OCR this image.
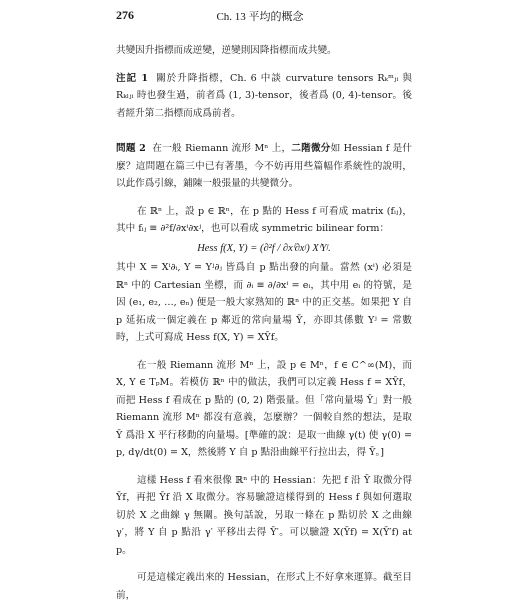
276	Ch. 13 平均的概念

共變因升指標而成逆變，逆變則因降指標而成共變。

注記 1 關於升降指標，Ch. 6 中談 curvature tensors Rₖᵐⱼᵢ 與 Rₖₗⱼᵢ 時也發生過，前者爲 (1, 3)-tensor，後者爲 (0, 4)-tensor。後者經升第二指標而成爲前者。

問題 2 在一般 Riemann 流形 Mⁿ 上，二階微分如 Hessian f 是什麼？這問題在篇三中已有著墨，今不妨再用些篇幅作系統性的說明，以此作爲引線，鋪陳一般張量的共變微分。

在 ℝⁿ 上，設 p ∈ ℝⁿ，在 p 點的 Hess f 可看成 matrix (fᵢⱼ)，其中 fᵢⱼ ≡ ∂²f/∂xⁱ∂xʲ，也可以看成 symmetric bilinear form：

Hess f(X, Y) = (∂²f / ∂xⁱ∂xʲ) XⁱYʲ.

其中 X = Xⁱ∂ᵢ, Y = Yʲ∂ⱼ 皆爲自 p 點出發的向量。當然 (xⁱ) 必須是 ℝⁿ 中的 Cartesian 坐標，而 ∂ᵢ ≡ ∂/∂xⁱ = eᵢ，其中用 eᵢ 的符號，是因 (e₁, e₂, …, eₙ) 便是一般大家熟知的 ℝⁿ 中的正交基。如果把 Y 自 p 延拓成一個定義在 p 鄰近的常向量場 Ỹ，亦即其係數 Yʲ = 常數時，上式可寫成 Hess f(X, Y) = XỸf。

在一般 Riemann 流形 Mⁿ 上，設 p ∈ Mⁿ，f ∈ C^∞(M)，而 X, Y ∈ TₚM。若模仿 ℝⁿ 中的做法，我們可以定義 Hess f = XỸf，而把 Hess f 看成在 p 點的 (0, 2) 階張量。但「常向量場 Ỹ」對一般 Riemann 流形 Mⁿ 都沒有意義，怎麼辦？一個較自然的想法，是取 Ỹ 爲沿 X 平行移動的向量場。[準確的說：是取一曲線 γ(t) 使 γ(0) = p, dγ/dt(0) = X，然後將 Y 自 p 點沿曲線平行拉出去，得 Ỹ。]

這樣 Hess f 看來很像 ℝⁿ 中的 Hessian：先把 f 沿 Ỹ 取微分得 Ỹf，再把 Ỹf 沿 X 取微分。容易驗證這樣得到的 Hess f 與如何選取切於 X 之曲線 γ 無關。換句話說，另取一條在 p 點切於 X 之曲線 γ′，將 Y 自 p 點沿 γ′ 平移出去得 Ỹ′。可以驗證 X(Ỹf) = X(Ỹ′f) at p。

可是這樣定義出來的 Hessian，在形式上不好拿來運算。截至目前，
